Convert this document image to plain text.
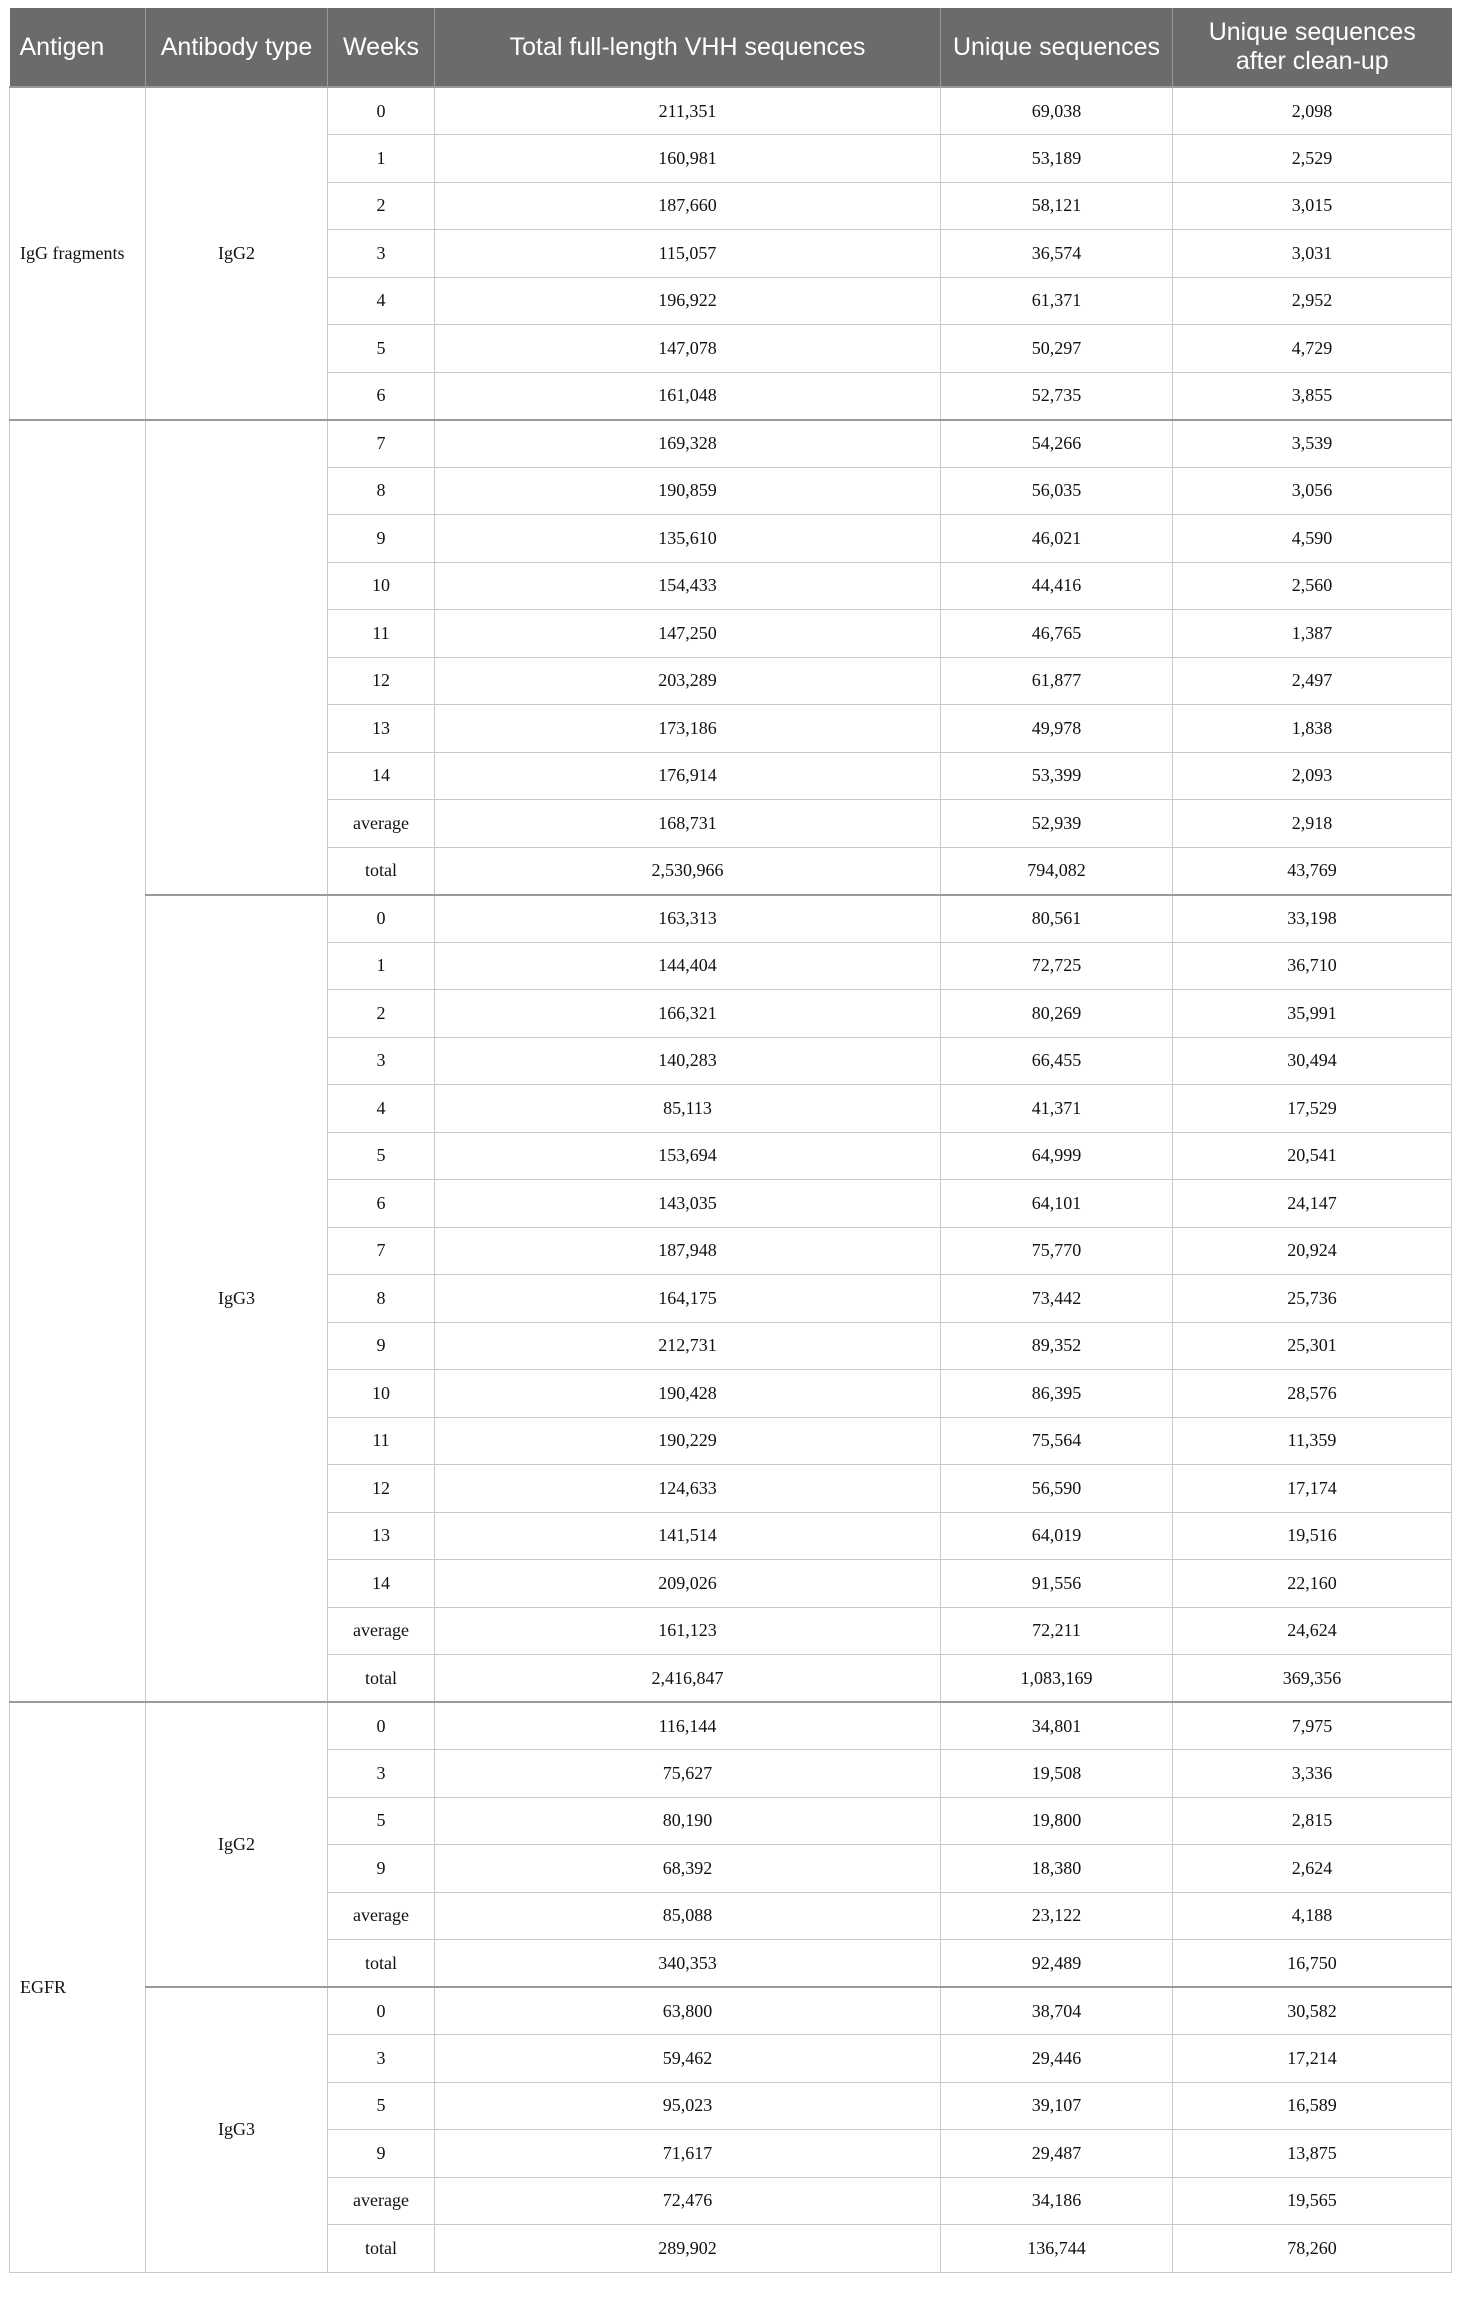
Antigen	Antibody type	Weeks	Total full-length VHH sequences	Unique sequences	Unique sequences after clean-up
IgG fragments	IgG2	0	211,351	69,038	2,098
		1	160,981	53,189	2,529
		2	187,660	58,121	3,015
		3	115,057	36,574	3,031
		4	196,922	61,371	2,952
		5	147,078	50,297	4,729
		6	161,048	52,735	3,855
		7	169,328	54,266	3,539
		8	190,859	56,035	3,056
		9	135,610	46,021	4,590
		10	154,433	44,416	2,560
		11	147,250	46,765	1,387
		12	203,289	61,877	2,497
		13	173,186	49,978	1,838
		14	176,914	53,399	2,093
		average	168,731	52,939	2,918
		total	2,530,966	794,082	43,769
	IgG3	0	163,313	80,561	33,198
		1	144,404	72,725	36,710
		2	166,321	80,269	35,991
		3	140,283	66,455	30,494
		4	85,113	41,371	17,529
		5	153,694	64,999	20,541
		6	143,035	64,101	24,147
		7	187,948	75,770	20,924
		8	164,175	73,442	25,736
		9	212,731	89,352	25,301
		10	190,428	86,395	28,576
		11	190,229	75,564	11,359
		12	124,633	56,590	17,174
		13	141,514	64,019	19,516
		14	209,026	91,556	22,160
		average	161,123	72,211	24,624
		total	2,416,847	1,083,169	369,356
EGFR	IgG2	0	116,144	34,801	7,975
		3	75,627	19,508	3,336
		5	80,190	19,800	2,815
		9	68,392	18,380	2,624
		average	85,088	23,122	4,188
		total	340,353	92,489	16,750
	IgG3	0	63,800	38,704	30,582
		3	59,462	29,446	17,214
		5	95,023	39,107	16,589
		9	71,617	29,487	13,875
		average	72,476	34,186	19,565
		total	289,902	136,744	78,260
